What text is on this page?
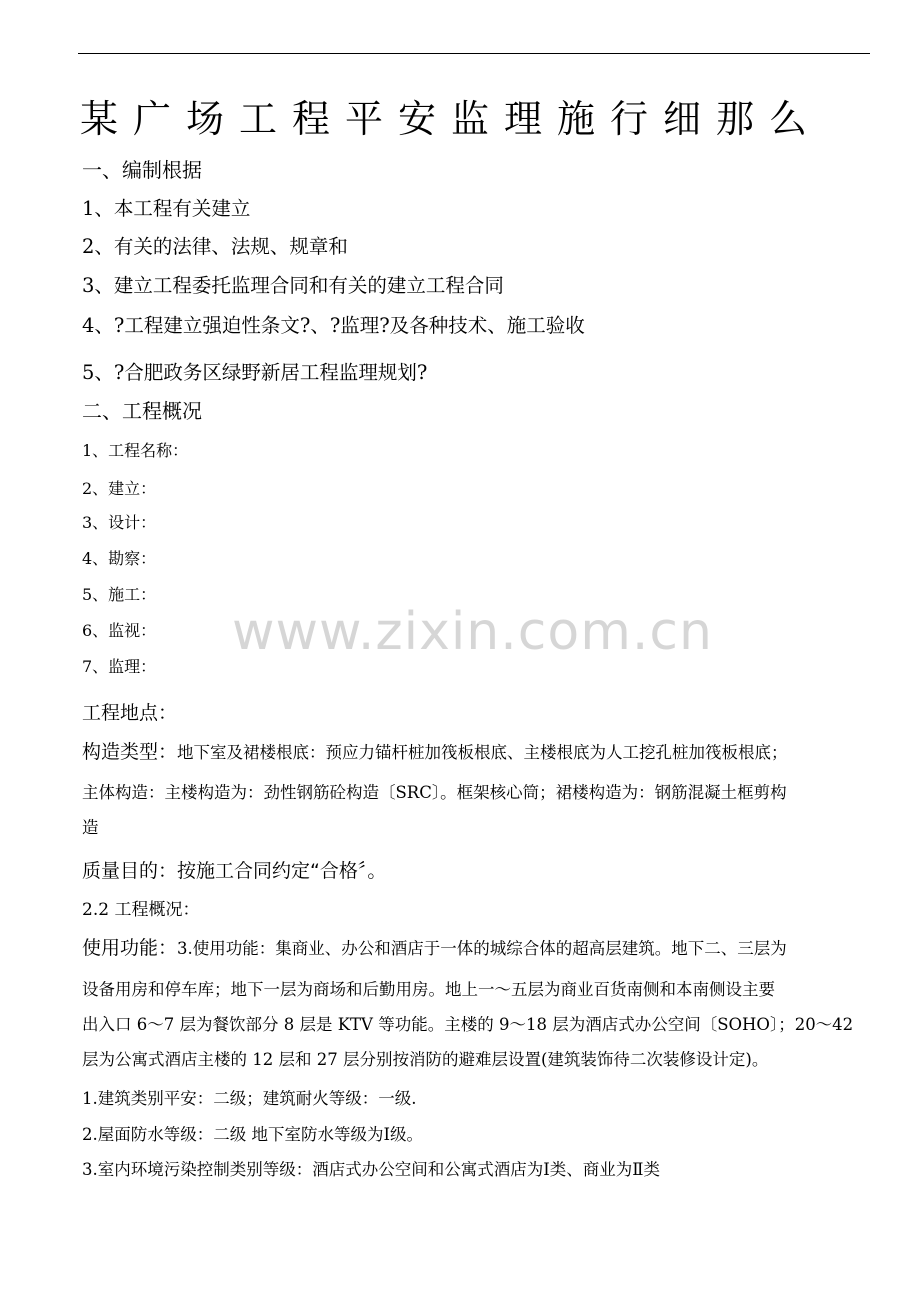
某广场工程平安监理施行细那么
一、编制根据
1、本工程有关建立
2、有关的法律、法规、规章和
3、建立工程委托监理合同和有关的建立工程合同
4、?工程建立强迫性条文?、?监理?及各种技术、施工验收
5、?合肥政务区绿野新居工程监理规划?
二、工程概况
1、工程名称：
2、建立：
3、设计：
4、勘察：
5、施工：
6、监视：
7、监理：
工程地点：
构造类型：地下室及裙楼根底：预应力锚杆桩加筏板根底、主楼根底为人工挖孔桩加筏板根底；
主体构造：主楼构造为：劲性钢筋砼构造〔SRC〕。框架核心筒；裙楼构造为：钢筋混凝土框剪构
造
质量目的：按施工合同约定“合格〞。
2.2 工程概况：
使用功能：3.使用功能：集商业、办公和酒店于一体的城综合体的超高层建筑。地下二、三层为
设备用房和停车库；地下一层为商场和后勤用房。地上一～五层为商业百货南侧和本南侧设主要
出入口 6～7 层为餐饮部分 8 层是 KTV 等功能。主楼的 9～18 层为酒店式办公空间〔SOHO〕；20～42
层为公寓式酒店主楼的 12 层和 27 层分别按消防的避难层设置(建筑装饰待二次装修设计定)。
1.建筑类别平安：二级；建筑耐火等级：一级.
2.屋面防水等级：二级 地下室防水等级为Ⅰ级。
3.室内环境污染控制类别等级：酒店式办公空间和公寓式酒店为Ⅰ类、商业为Ⅱ类
www.zixin.com.cn
